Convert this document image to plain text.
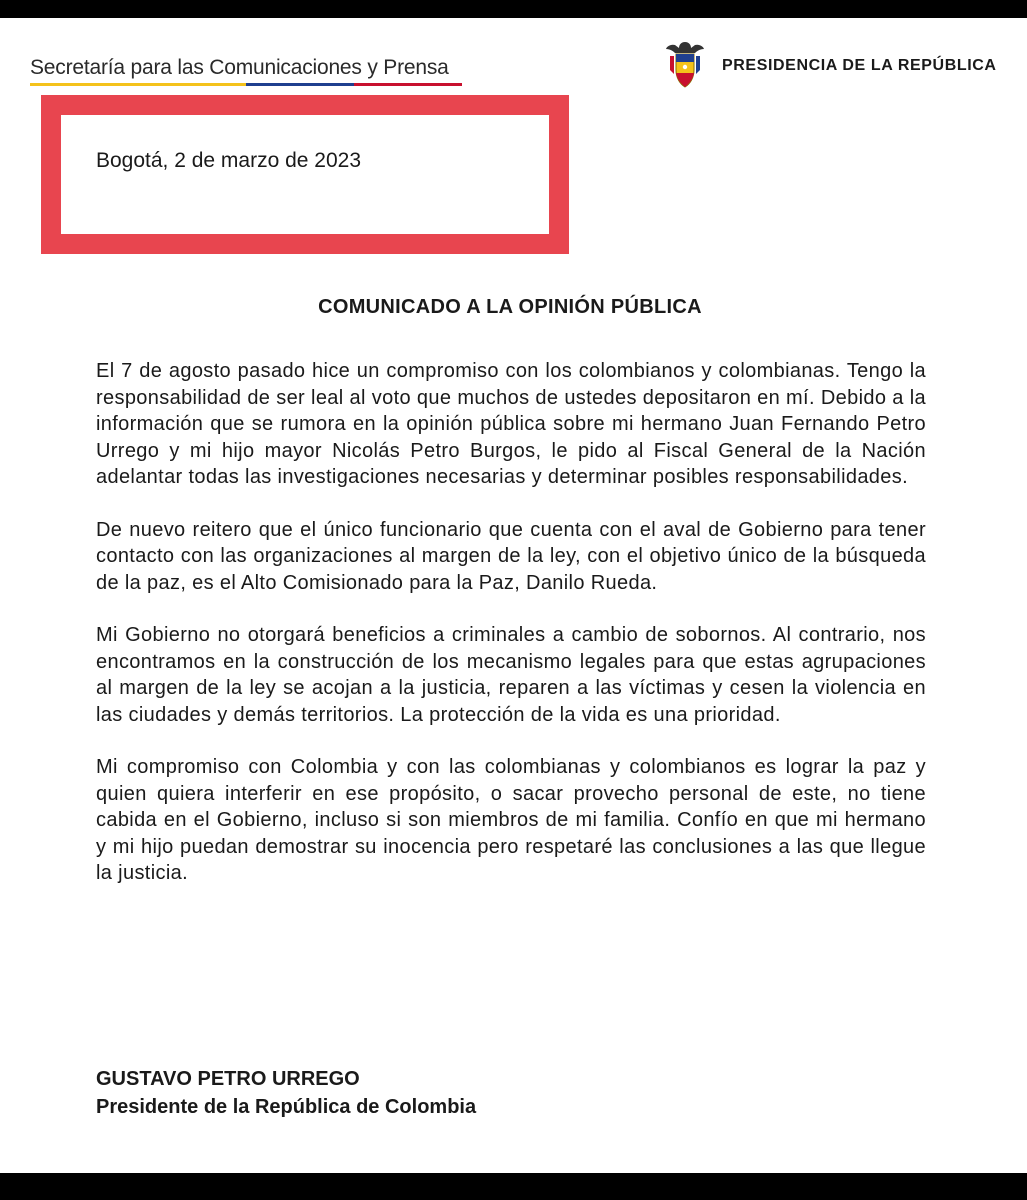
Secretaría para las Comunicaciones y Prensa	PRESIDENCIA DE LA REPÚBLICA
Bogotá, 2 de marzo de 2023
COMUNICADO A LA OPINIÓN PÚBLICA

El 7 de agosto pasado hice un compromiso con los colombianos y colombianas. Tengo la responsabilidad de ser leal al voto que muchos de ustedes depositaron en mí. Debido a la información que se rumora en la opinión pública sobre mi hermano Juan Fernando Petro Urrego y mi hijo mayor Nicolás Petro Burgos, le pido al Fiscal General de la Nación adelantar todas las investigaciones necesarias y determinar posibles responsabilidades.

De nuevo reitero que el único funcionario que cuenta con el aval de Gobierno para tener contacto con las organizaciones al margen de la ley, con el objetivo único de la búsqueda de la paz, es el Alto Comisionado para la Paz, Danilo Rueda.

Mi Gobierno no otorgará beneficios a criminales a cambio de sobornos. Al contrario, nos encontramos en la construcción de los mecanismo legales para que estas agrupaciones al margen de la ley se acojan a la justicia, reparen a las víctimas y cesen la violencia en las ciudades y demás territorios. La protección de la vida es una prioridad.

Mi compromiso con Colombia y con las colombianas y colombianos es lograr la paz y quien quiera interferir en ese propósito, o sacar provecho personal de este, no tiene cabida en el Gobierno, incluso si son miembros de mi familia. Confío en que mi hermano y mi hijo puedan demostrar su inocencia pero respetaré las conclusiones a las que llegue la justicia.

GUSTAVO PETRO URREGO
Presidente de la República de Colombia
